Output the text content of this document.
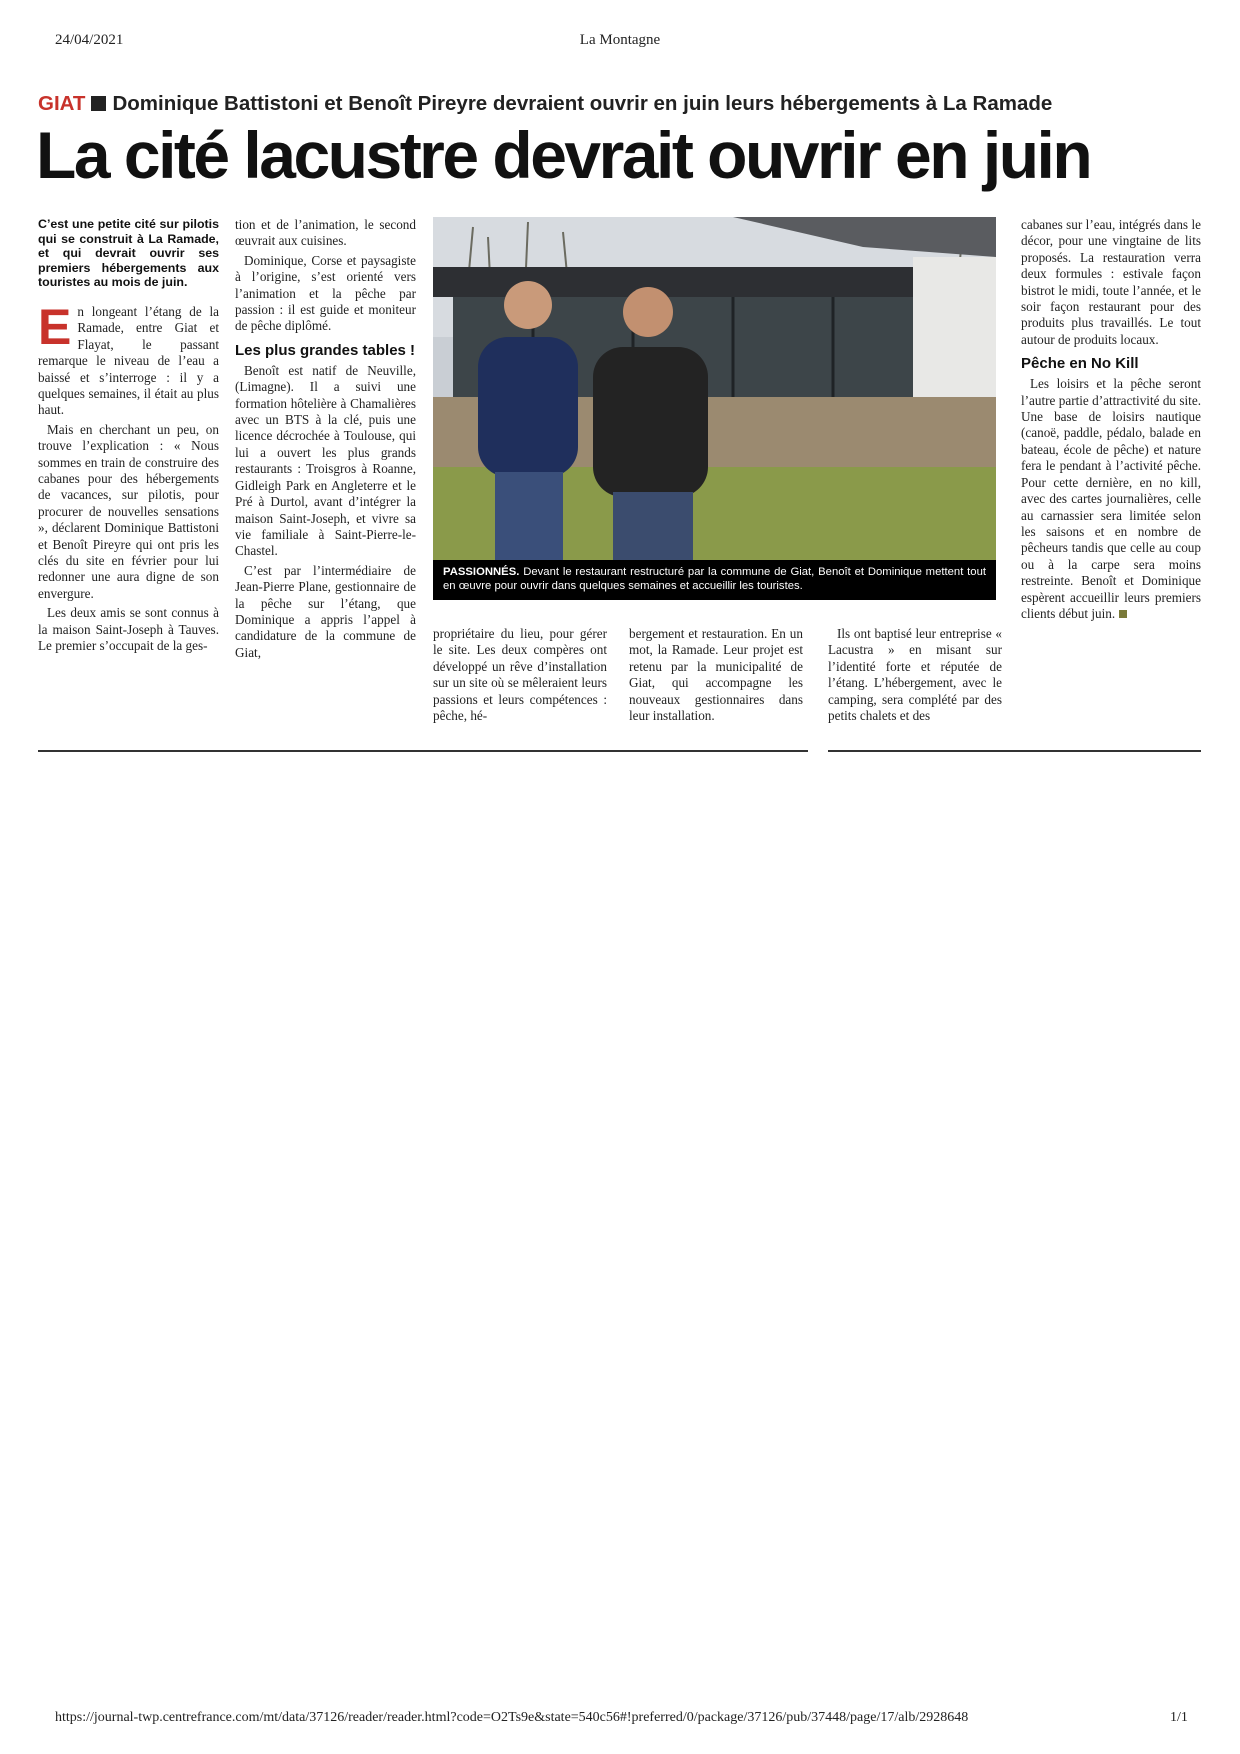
24/04/2021	La Montagne
GIAT Dominique Battistoni et Benoît Pireyre devraient ouvrir en juin leurs hébergements à La Ramade
La cité lacustre devrait ouvrir en juin
C’est une petite cité sur pilotis qui se construit à La Ramade, et qui devrait ouvrir ses premiers hébergements aux touristes au mois de juin.

En longeant l’étang de la Ramade, entre Giat et Flayat, le passant remarque le niveau de l’eau a baissé et s’interroge : il y a quelques semaines, il était au plus haut.

Mais en cherchant un peu, on trouve l’explication : « Nous sommes en train de construire des cabanes pour des hébergements de vacances, sur pilotis, pour procurer de nouvelles sensations », déclarent Dominique Battistoni et Benoît Pireyre qui ont pris les clés du site en février pour lui redonner une aura digne de son envergure.

Les deux amis se sont connus à la maison Saint-Joseph à Tauves. Le premier s’occupait de la ges-

tion et de l’animation, le second œuvrait aux cuisines.

Dominique, Corse et paysagiste à l’origine, s’est orienté vers l’animation et la pêche par passion : il est guide et moniteur de pêche diplômé.

Les plus grandes tables !

Benoît est natif de Neuville, (Limagne). Il a suivi une formation hôtelière à Chamalières avec un BTS à la clé, puis une licence décrochée à Toulouse, qui lui a ouvert les plus grands restaurants : Troisgros à Roanne, Gidleigh Park en Angleterre et le Pré à Durtol, avant d’intégrer la maison Saint-Joseph, et vivre sa vie familiale à Saint-Pierre-le-Chastel.

C’est par l’intermédiaire de Jean-Pierre Plane, gestionnaire de la pêche sur l’étang, que Dominique a appris l’appel à candidature de la commune de Giat,

PASSIONNÉS. Devant le restaurant restructuré par la commune de Giat, Benoît et Dominique mettent tout en œuvre pour ouvrir dans quelques semaines et accueillir les touristes.

propriétaire du lieu, pour gérer le site. Les deux compères ont développé un rêve d’installation sur un site où se mêleraient leurs passions et leurs compétences : pêche, hé-

bergement et restauration. En un mot, la Ramade. Leur projet est retenu par la municipalité de Giat, qui accompagne les nouveaux gestionnaires dans leur installation.

Ils ont baptisé leur entreprise « Lacustra » en misant sur l’identité forte et réputée de l’étang. L’hébergement, avec le camping, sera complété par des petits chalets et des

cabanes sur l’eau, intégrés dans le décor, pour une vingtaine de lits proposés. La restauration verra deux formules : estivale façon bistrot le midi, toute l’année, et le soir façon restaurant pour des produits plus travaillés. Le tout autour de produits locaux.

Pêche en No Kill

Les loisirs et la pêche seront l’autre partie d’attractivité du site. Une base de loisirs nautique (canoë, paddle, pédalo, balade en bateau, école de pêche) et nature fera le pendant à l’activité pêche. Pour cette dernière, en no kill, avec des cartes journalières, celle au carnassier sera limitée selon les saisons et en nombre de pêcheurs tandis que celle au coup ou à la carpe sera moins restreinte. Benoît et Dominique espèrent accueillir leurs premiers clients début juin.

https://journal-twp.centrefrance.com/mt/data/37126/reader/reader.html?code=O2Ts9e&state=540c56#!preferred/0/package/37126/pub/37448/page/17/alb/2928648	1/1
